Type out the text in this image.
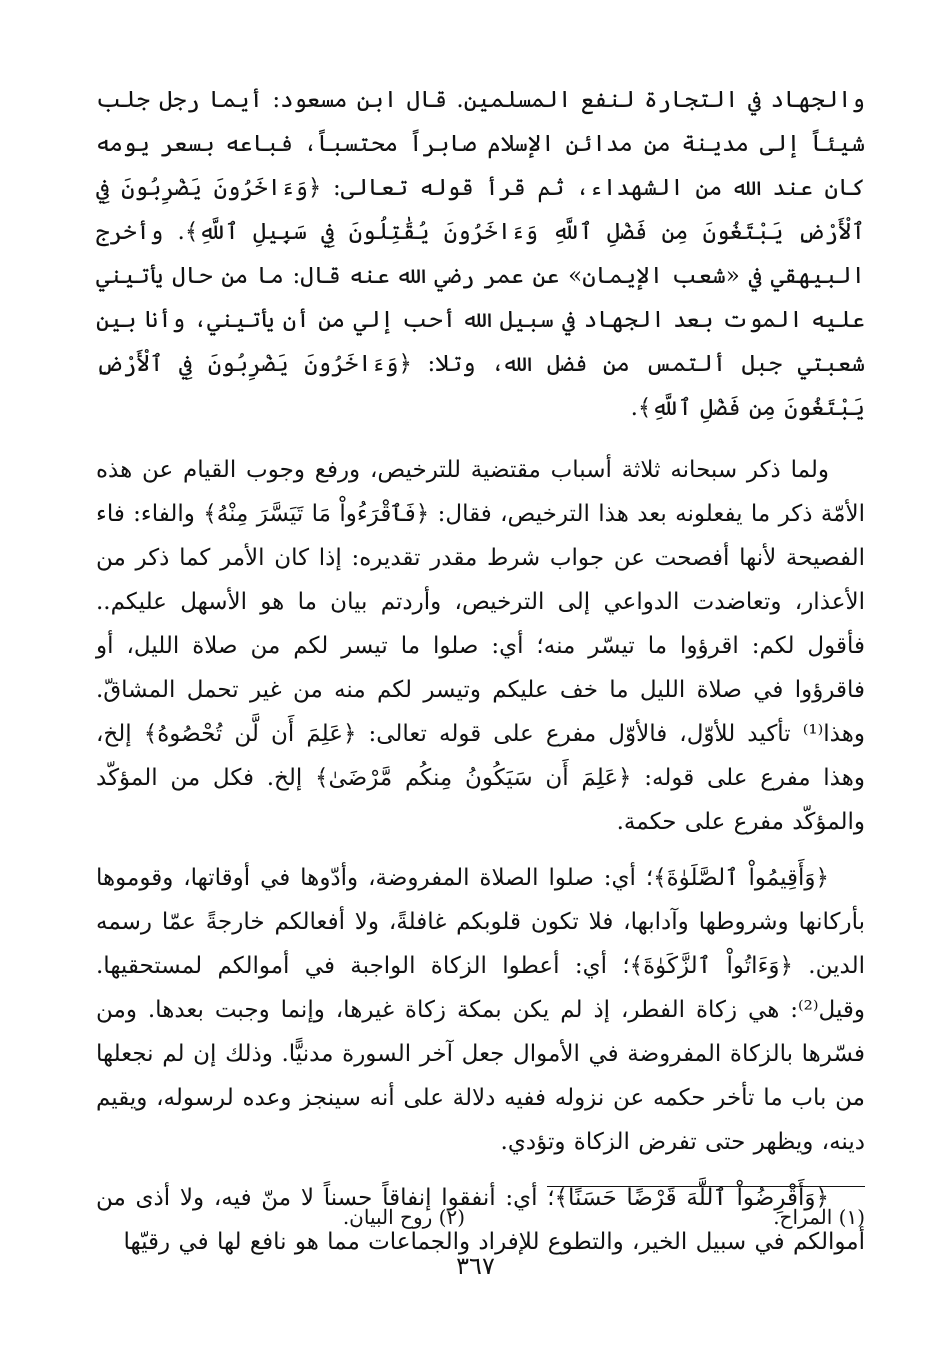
والجهاد في التجارة لنفع المسلمين. قال ابن مسعود: أيما رجل جلب شيئاً إلى مدينة من مدائن الإسلام صابراً محتسباً، فباعه بسعر يومه كان عند الله من الشهداء، ثم قرأ قوله تعالى: ﴿وَءَاخَرُونَ يَضْرِبُونَ فِي ٱلْأَرْضِ يَبْتَغُونَ مِن فَضْلِ ٱللَّهِ وَءَاخَرُونَ يُقَٰتِلُونَ فِي سَبِيلِ ٱللَّهِ﴾. وأخرج البيهقي في «شعب الإيمان» عن عمر رضي الله عنه قال: ما من حال يأتيني عليه الموت بعد الجهاد في سبيل الله أحب إلي من أن يأتيني، وأنا بين شعبتي جبل ألتمس من فضل الله، وتلا: ﴿وَءَاخَرُونَ يَضْرِبُونَ فِي ٱلْأَرْضِ يَبْتَغُونَ مِن فَضْلِ ٱللَّهِ﴾.

ولما ذكر سبحانه ثلاثة أسباب مقتضية للترخيص، ورفع وجوب القيام عن هذه الأمّة ذكر ما يفعلونه بعد هذا الترخيص، فقال: ﴿فَٱقْرَءُواْ مَا تَيَسَّرَ مِنْهُ﴾ والفاء: فاء الفصيحة لأنها أفصحت عن جواب شرط مقدر تقديره: إذا كان الأمر كما ذكر من الأعذار، وتعاضدت الدواعي إلى الترخيص، وأردتم بيان ما هو الأسهل عليكم.. فأقول لكم: اقرؤوا ما تيسّر منه؛ أي: صلوا ما تيسر لكم من صلاة الليل، أو فاقرؤوا في صلاة الليل ما خف عليكم وتيسر لكم منه من غير تحمل المشاقّ. وهذا⁽¹⁾ تأكيد للأوّل، فالأوّل مفرع على قوله تعالى: ﴿عَلِمَ أَن لَّن تُحْصُوهُ﴾ إلخ، وهذا مفرع على قوله: ﴿عَلِمَ أَن سَيَكُونُ مِنكُم مَّرْضَىٰ﴾ إلخ. فكل من المؤكّد والمؤكّد مفرع على حكمة.

﴿وَأَقِيمُواْ ٱلصَّلَوٰةَ﴾؛ أي: صلوا الصلاة المفروضة، وأدّوها في أوقاتها، وقوموها بأركانها وشروطها وآدابها، فلا تكون قلوبكم غافلةً، ولا أفعالكم خارجةً عمّا رسمه الدين. ﴿وَءَاتُواْ ٱلزَّكَوٰةَ﴾؛ أي: أعطوا الزكاة الواجبة في أموالكم لمستحقيها. وقيل⁽²⁾: هي زكاة الفطر، إذ لم يكن بمكة زكاة غيرها، وإنما وجبت بعدها. ومن فسّرها بالزكاة المفروضة في الأموال جعل آخر السورة مدنيًّا. وذلك إن لم نجعلها من باب ما تأخر حكمه عن نزوله ففيه دلالة على أنه سينجز وعده لرسوله، ويقيم دينه، ويظهر حتى تفرض الزكاة وتؤدي.

﴿وَأَقْرِضُواْ ٱللَّهَ قَرْضًا حَسَنًا﴾؛ أي: أنفقوا إنفاقاً حسناً لا منّ فيه، ولا أذى من أموالكم في سبيل الخير، والتطوع للإفراد والجماعات مما هو نافع لها في رقيّها

(١) المراح.
(٢) روح البيان.
٣٦٧
